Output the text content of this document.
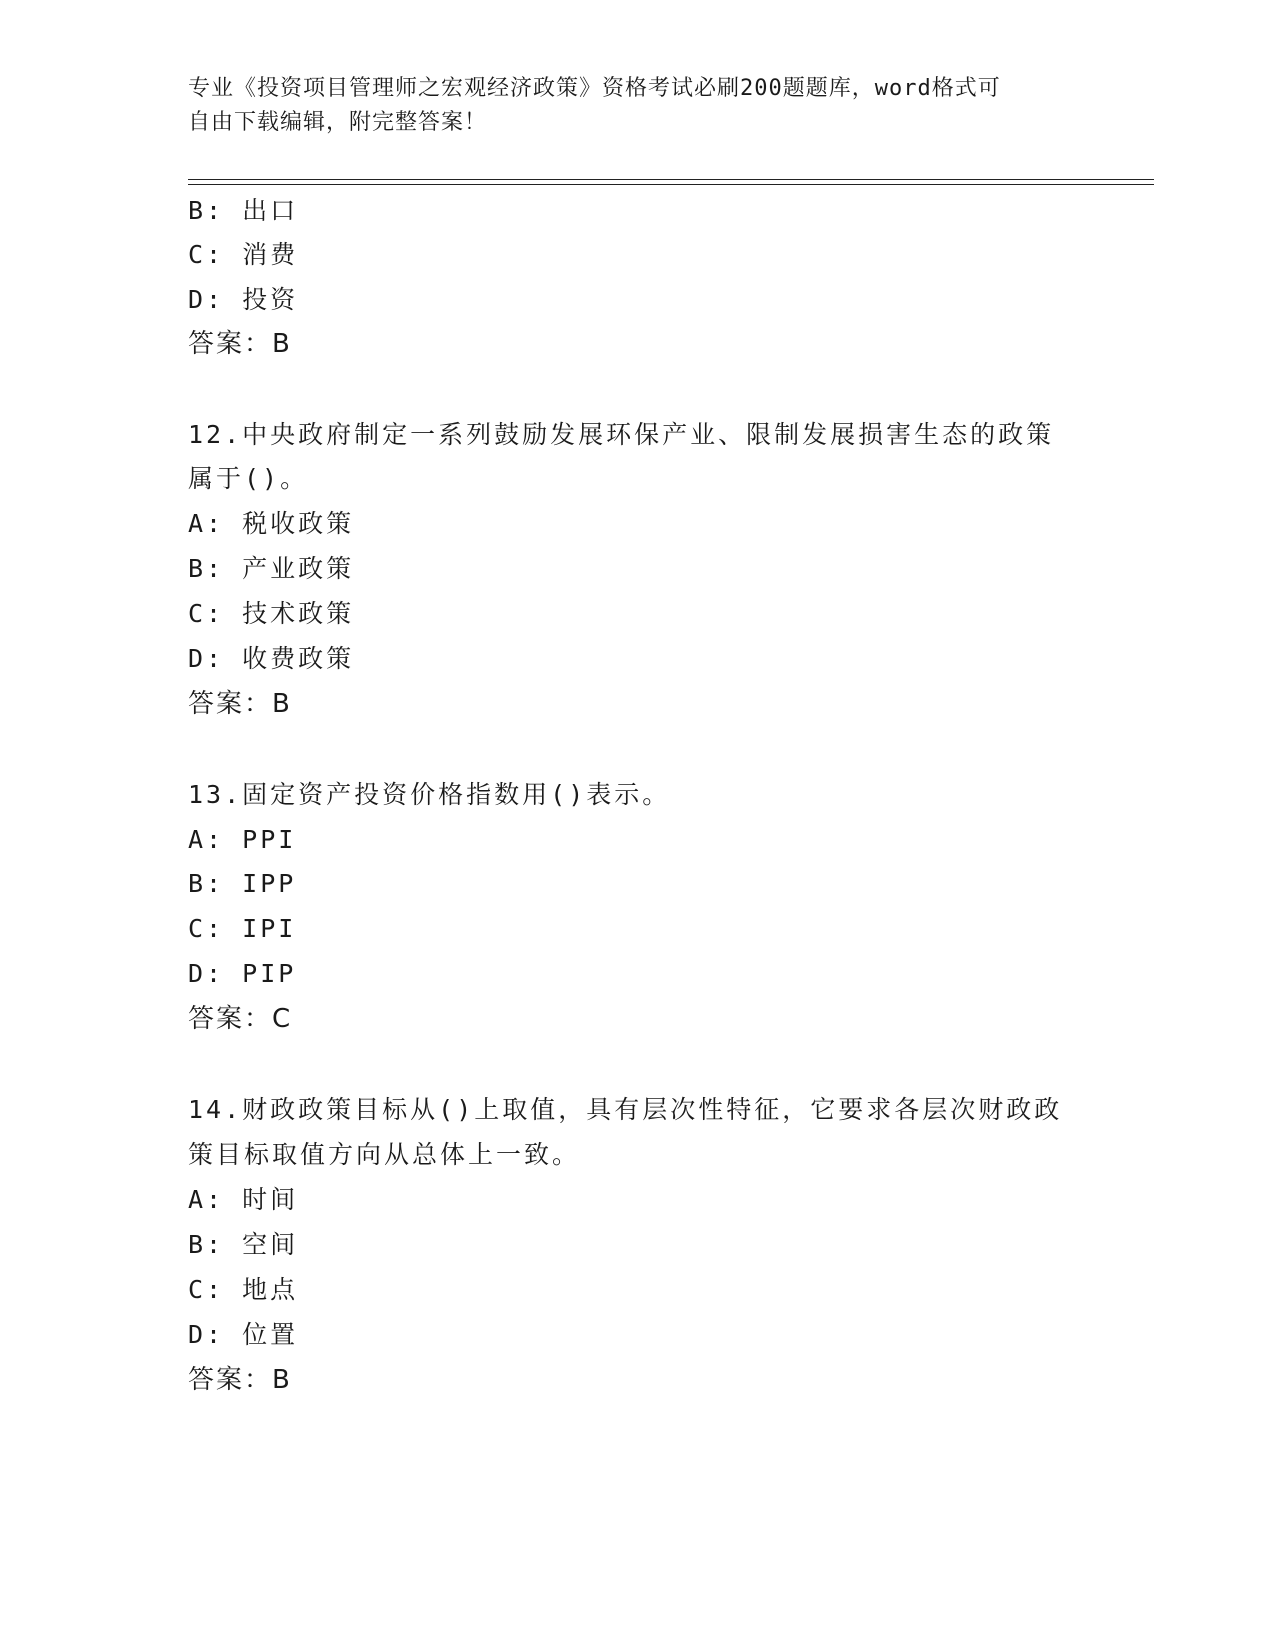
专业《投资项目管理师之宏观经济政策》资格考试必刷200题题库，word格式可
自由下载编辑，附完整答案！
B: 出口
C: 消费
D: 投资
答案：B
12.中央政府制定一系列鼓励发展环保产业、限制发展损害生态的政策
属于()。
A: 税收政策
B: 产业政策
C: 技术政策
D: 收费政策
答案：B
13.固定资产投资价格指数用()表示。
A: PPI
B: IPP
C: IPI
D: PIP
答案：C
14.财政政策目标从()上取值，具有层次性特征，它要求各层次财政政
策目标取值方向从总体上一致。
A: 时间
B: 空间
C: 地点
D: 位置
答案：B
